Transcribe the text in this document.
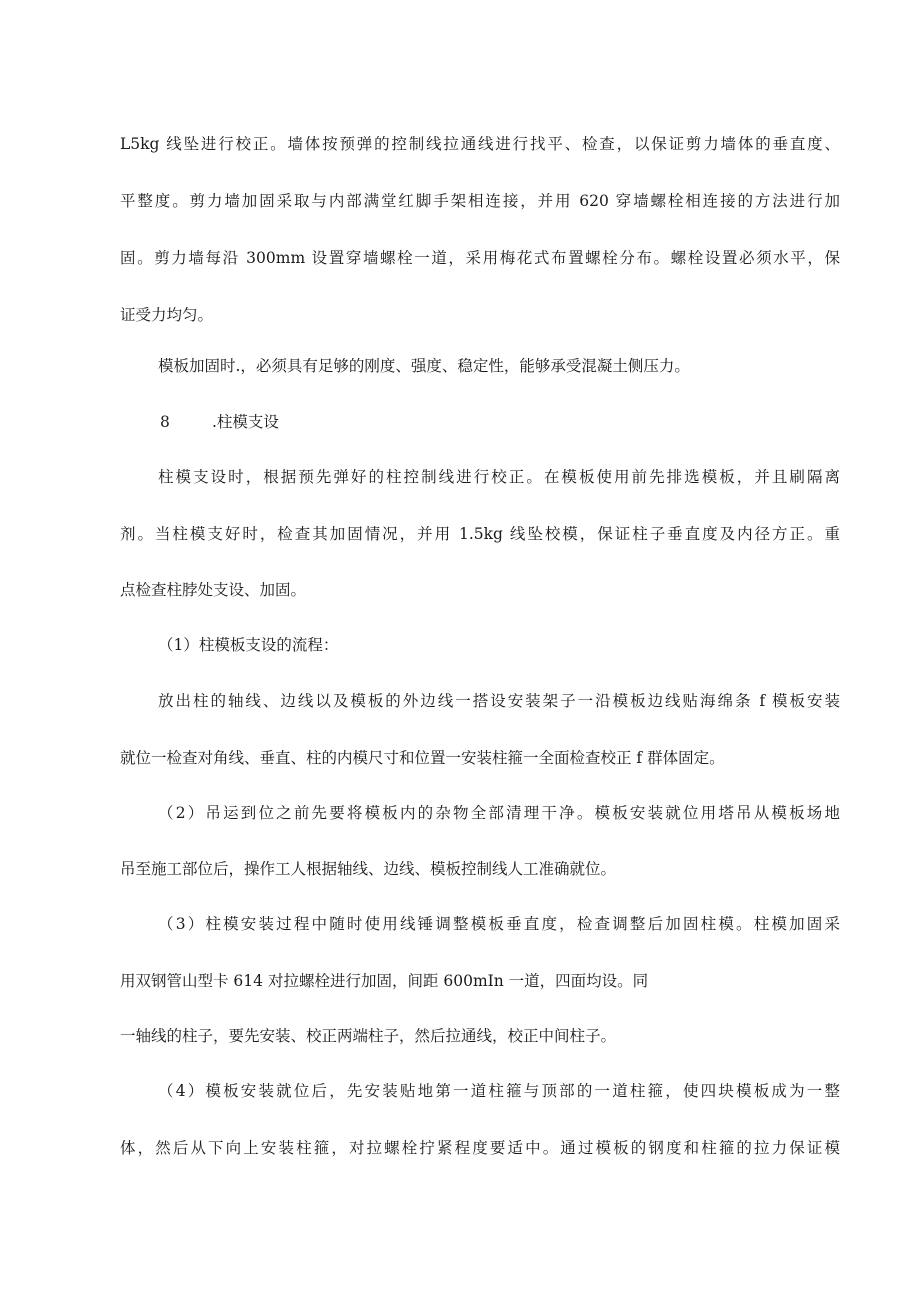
L5kg 线坠进行校正。墙体按预弹的控制线拉通线进行找平、检查，以保证剪力墙体的垂直度、
平整度。剪力墙加固采取与内部满堂红脚手架相连接，并用 620 穿墙螺栓相连接的方法进行加
固。剪力墙每沿 300mm 设置穿墙螺栓一道，采用梅花式布置螺栓分布。螺栓设置必须水平，保
证受力均匀。
模板加固时.，必须具有足够的刚度、强度、稳定性，能够承受混凝土侧压力。
8	.柱模支设
柱模支设时，根据预先弹好的柱控制线进行校正。在模板使用前先排选模板，并且刷隔离
剂。当柱模支好时，检查其加固情况，并用 1.5kg 线坠校模，保证柱子垂直度及内径方正。重
点检查柱脖处支设、加固。
（1）柱模板支设的流程：
放出柱的轴线、边线以及模板的外边线一搭设安装架子一沿模板边线贴海绵条 f 模板安装
就位一检查对角线、垂直、柱的内模尺寸和位置一安装柱箍一全面检查校正 f 群体固定。
（2）吊运到位之前先要将模板内的杂物全部清理干净。模板安装就位用塔吊从模板场地
吊至施工部位后，操作工人根据轴线、边线、模板控制线人工准确就位。
（3）柱模安装过程中随时使用线锤调整模板垂直度，检查调整后加固柱模。柱模加固采
用双钢管山型卡 614 对拉螺栓进行加固，间距 600mIn 一道，四面均设。同
一轴线的柱子，要先安装、校正两端柱子，然后拉通线，校正中间柱子。
（4）模板安装就位后，先安装贴地第一道柱箍与顶部的一道柱箍，使四块模板成为一整
体，然后从下向上安装柱箍，对拉螺栓拧紧程度要适中。通过模板的钢度和柱箍的拉力保证模
